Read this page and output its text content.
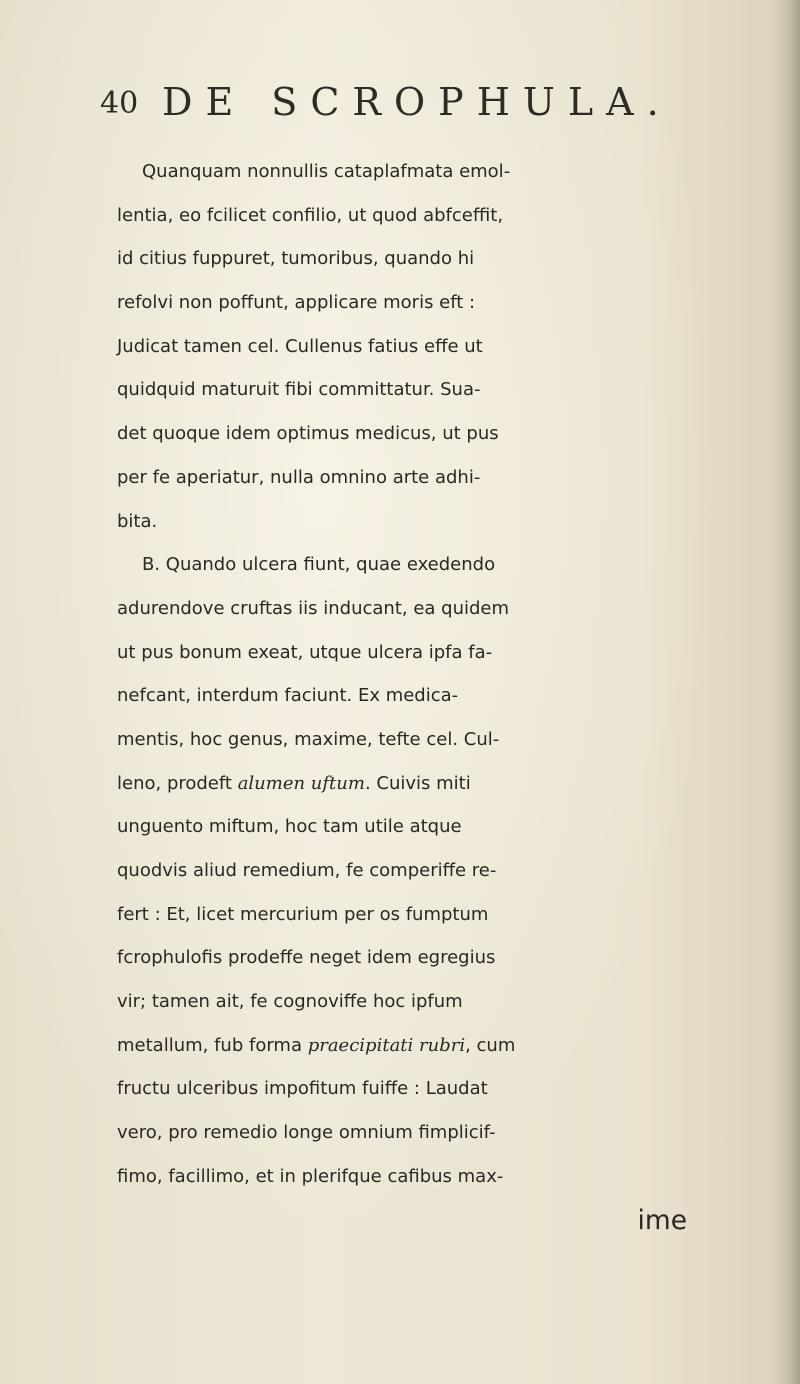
40 DE SCROPHULA.
Quanquam nonnullis cataplafmata emol-
lentia, eo fcilicet confilio, ut quod abfceffit,
id citius fuppuret, tumoribus, quando hi
refolvi non poffunt, applicare moris eft :
Judicat tamen cel. Cullenus fatius effe ut
quidquid maturuit fibi committatur. Sua-
det quoque idem optimus medicus, ut pus
per fe aperiatur, nulla omnino arte adhi-
bita.
B. Quando ulcera fiunt, quae exedendo
adurendove cruftas iis inducant, ea quidem
ut pus bonum exeat, utque ulcera ipfa fa-
nefcant, interdum faciunt. Ex medica-
mentis, hoc genus, maxime, tefte cel. Cul-
leno, prodeft alumen uftum. Cuivis miti
unguento miftum, hoc tam utile atque
quodvis aliud remedium, fe comperiffe re-
fert : Et, licet mercurium per os fumptum
fcrophulofis prodeffe neget idem egregius
vir; tamen ait, fe cognoviffe hoc ipfum
metallum, fub forma praecipitati rubri, cum
fructu ulceribus impofitum fuiffe : Laudat
vero, pro remedio longe omnium fimplicif-
fimo, facillimo, et in plerifque cafibus max-
ime
